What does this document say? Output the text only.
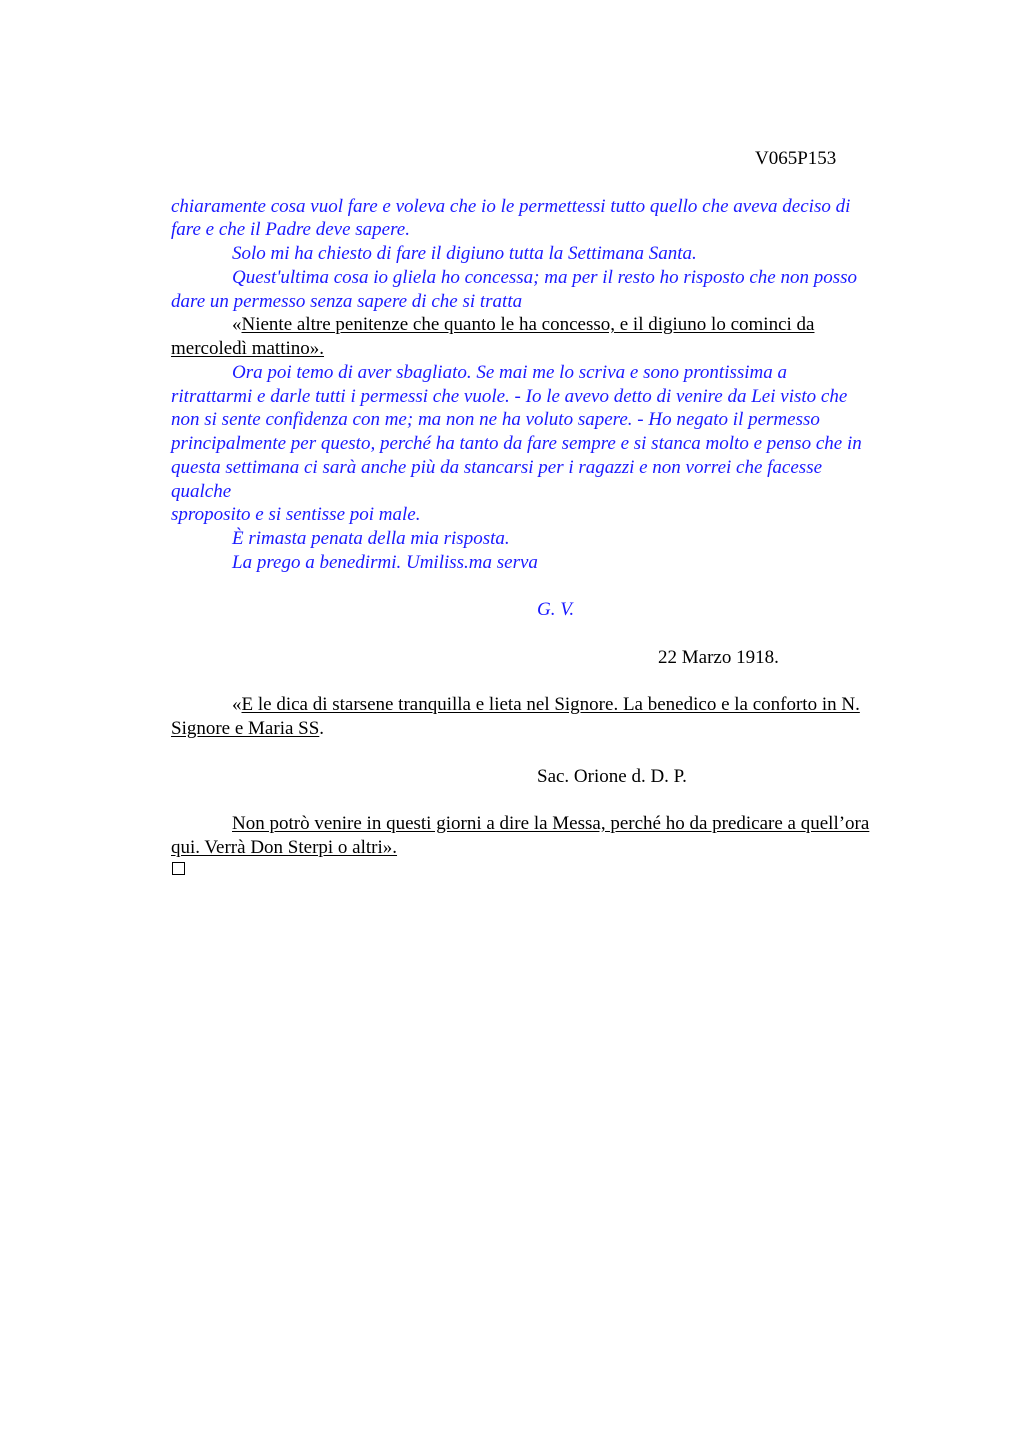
V065P153
chiaramente cosa vuol fare e voleva che io le permettessi tutto quello che aveva deciso di
fare e che il Padre deve sapere.
Solo mi ha chiesto di fare il digiuno tutta la Settimana Santa.
Quest'ultima cosa io gliela ho concessa; ma per il resto ho risposto che non posso
dare un permesso senza sapere di che si tratta
«Niente altre penitenze che quanto le ha concesso, e il digiuno lo cominci da
mercoledì mattino».
Ora poi temo di aver sbagliato. Se mai me lo scriva e sono prontissima a
ritrattarmi e darle tutti i permessi che vuole. - Io le avevo detto di venire da Lei visto che
non si sente confidenza con me; ma non ne ha voluto sapere. - Ho negato il permesso
principalmente per questo, perché ha tanto da fare sempre e si stanca molto e penso che in
questa settimana ci sarà anche più da stancarsi per i ragazzi e non vorrei che facesse
qualche
sproposito e si sentisse poi male.
È rimasta penata della mia risposta.
La prego a benedirmi. Umiliss.ma serva
G. V.
22 Marzo 1918.
«E le dica di starsene tranquilla e lieta nel Signore. La benedico e la conforto in N.
Signore e Maria SS.
Sac. Orione d. D. P.
Non potrò venire in questi giorni a dire la Messa, perché ho da predicare a quell’ora
qui. Verrà Don Sterpi o altri».
